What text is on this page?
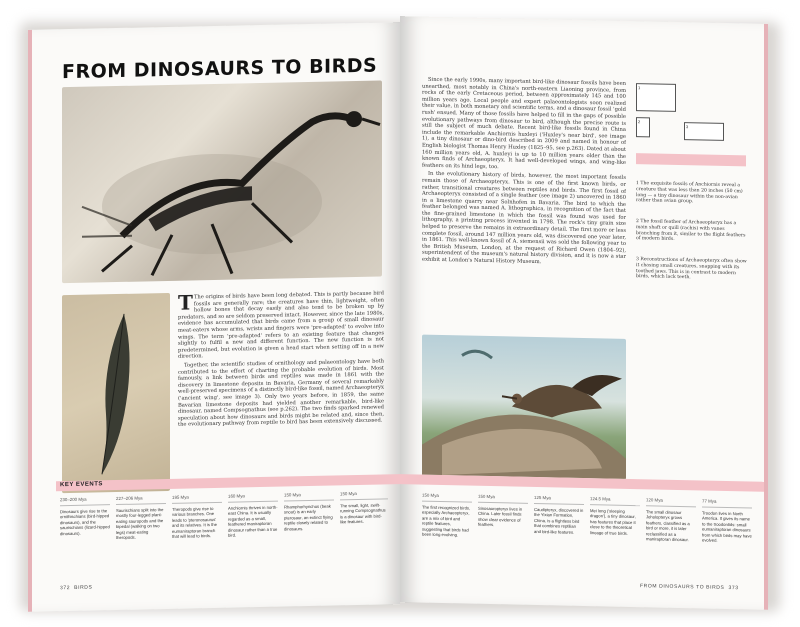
FROM DINOSAURS TO BIRDS

T The origins of birds have been long debated. This is partly because bird fossils are generally rare; the creatures have thin, lightweight, often hollow bones that decay easily and also tend to be broken up by predators, and so are seldom preserved intact. However, since the late 1980s, evidence has accumulated that birds came from a group of small dinosaur meat-eaters whose arms, wrists and fingers were 'pre-adapted' to evolve into wings. The term 'pre-adapted' refers to an existing feature that changes slightly to fulfil a new and different function. The new function is not predetermined, but evolution is given a head start when setting off in a new direction.

Together, the scientific studies of ornithology and palaeontology have both contributed to the effort of charting the probable evolution of birds. Most famously, a link between birds and reptiles was made in 1861 with the discovery in limestone deposits in Bavaria, Germany of several remarkably well-preserved specimens of a distinctly bird-like fossil, named Archaeopteryx ('ancient wing', see image 3). Only two years before, in 1859, the same Bavarian limestone deposits had yielded another remarkable, bird-like dinosaur, named Compsognathus (see p.262). The two finds sparked renewed speculation about how dinosaurs and birds might be related and, since then, the evolutionary pathway from reptile to bird has been extensively discussed.

KEY EVENTS
230–200 Mya
Dinosaurs give rise to the ornithischians (bird-hipped dinosaurs), and the saurischians (lizard-hipped dinosaurs).
227–206 Mya
Saurischians split into the mostly four-legged plant-eating sauropods and the bipedal (walking on two legs) meat-eating theropods.
195 Mya
Theropods give rise to various branches. One leads to 'pteronosaurus' and its relatives. It is the eumaniraptoran branch that will lead to birds.
160 Mya
Anchiornis thrives in north-east China. It is usually regarded as a small, feathered maniraptoran dinosaur rather than a true bird.
150 Mya
Rhamphorhynchus (beak snout) is an early pterosaur, an extinct flying reptile closely related to dinosaurs.
150 Mya
The small, light, swift-running Compsognathus is a dinosaur with bird-like features.
372 BIRDS

Since the early 1990s, many important bird-like dinosaur fossils have been unearthed, most notably in China's north-eastern Liaoning province, from rocks of the early Cretaceous period, between approximately 145 and 100 million years ago. Local people and expert palaeontologists soon realized their value, in both monetary and scientific terms, and a dinosaur fossil 'gold rush' ensued. Many of those fossils have helped to fill in the gaps of possible evolutionary pathways from dinosaur to bird, although the precise route is still the subject of much debate. Recent bird-like fossils found in China include the remarkable Anchiornis huxleyi ('Huxley's near bird', see image 1), a tiny dinosaur or dino-bird described in 2009 and named in honour of English biologist Thomas Henry Huxley (1825–95, see p.263). Dated at about 160 million years old, A. huxleyi is up to 10 million years older than the known finds of Archaeopteryx. It had well-developed wings, and wing-like feathers on its hind legs, too.

In the evolutionary history of birds, however, the most important fossils remain those of Archaeopteryx. This is one of the first known birds, or rather, transitional creatures between reptiles and birds. The first fossil of Archaeopteryx consisted of a single feather (see image 2) uncovered in 1860 in a limestone quarry near Solnhofen in Bavaria. The bird to which the feather belonged was named A. lithographica, in recognition of the fact that the fine-grained limestone in which the fossil was found was used for lithography, a printing process invented in 1798. The rock's tiny grain size helped to preserve the remains in extraordinary detail. The first more or less complete fossil, around 147 million years old, was discovered one year later, in 1861. This well-known fossil of A. siemensii was sold the following year to the British Museum, London, at the request of Richard Owen (1804–92), superintendent of the museum's natural history division, and it is now a star exhibit at London's Natural History Museum.

1
2
3
1 The exquisite fossils of Anchiornis reveal a creature that was less than 20 inches (50 cm) long — a tiny dinosaur within the non-avian rather than avian group.
2 The fossil feather of Archaeopteryx has a main shaft or quill (rachis) with vanes branching from it, similar to the flight feathers of modern birds.
3 Reconstructions of Archaeopteryx often show it chasing small creatures, snapping with its toothed jaws. This is in contrast to modern birds, which lack teeth.
150 Mya
The first recognized birds, especially Archaeopteryx, are a mix of bird and reptile features, suggesting that birds had been long evolving.
150 Mya
Sinosauropteryx lives in China. Later fossil finds show clear evidence of feathers.
125 Mya
Caudipteryx, discovered in the Yixian Formation, China, is a flightless bird that combines reptilian and bird-like features.
124.5 Mya
Mei long ('sleeping dragon'), a tiny dinosaur, has features that place it close to the theoretical lineage of true birds.
120 Mya
The small dinosaur Jeholopteryx grows feathers, classified as a bird or more, it is later reclassified as a maniraptoran dinosaur.
77 Mya
Troodon lives in North America. It gives its name to the troodontids: small eumaniraptoran dinosaurs from which birds may have evolved.
FROM DINOSAURS TO BIRDS 373
